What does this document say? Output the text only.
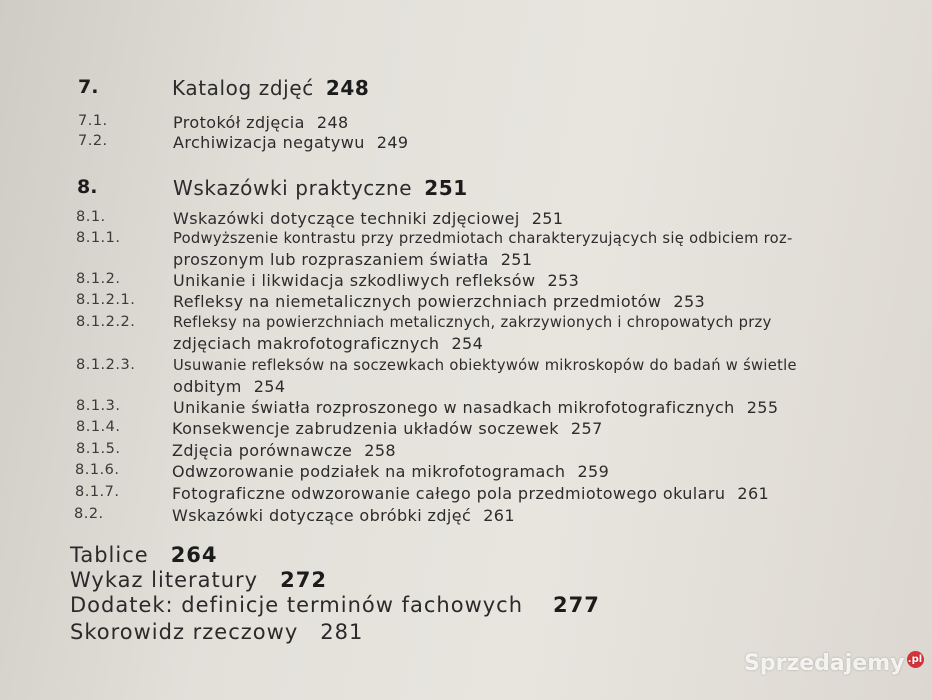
7.	Katalog zdjęć 248
7.1.	Protokół zdjęcia 248
7.2.	Archiwizacja negatywu 249
8.	Wskazówki praktyczne 251
8.1.	Wskazówki dotyczące techniki zdjęciowej 251
8.1.1.	Podwyższenie kontrastu przy przedmiotach charakteryzujących się odbiciem roz-
proszonym lub rozpraszaniem światła 251
8.1.2.	Unikanie i likwidacja szkodliwych refleksów 253
8.1.2.1. Refleksy na niemetalicznych powierzchniach przedmiotów 253
8.1.2.2.	Refleksy na powierzchniach metalicznych, zakrzywionych i chropowatych przy
zdjęciach makrofotograficznych 254
8.1.2.3.	Usuwanie refleksów na soczewkach obiektywów mikroskopów do badań w świetle
odbitym 254
8.1.3.	Unikanie światła rozproszonego w nasadkach mikrofotograficznych 255
8.1.4.	Konsekwencje zabrudzenia układów soczewek 257
8.1.5.	Zdjęcia porównawcze 258
8.1.6.	Odwzorowanie podziałek na mikrofotogramach 259
8.1.7.	Fotograficzne odwzorowanie całego pola przedmiotowego okularu 261
8.2.	Wskazówki dotyczące obróbki zdjęć 261
Tablice 264
Wykaz literatury 272
Dodatek: definicje terminów fachowych 277
Skorowidz rzeczowy 281
Sprzedajemy .pl
